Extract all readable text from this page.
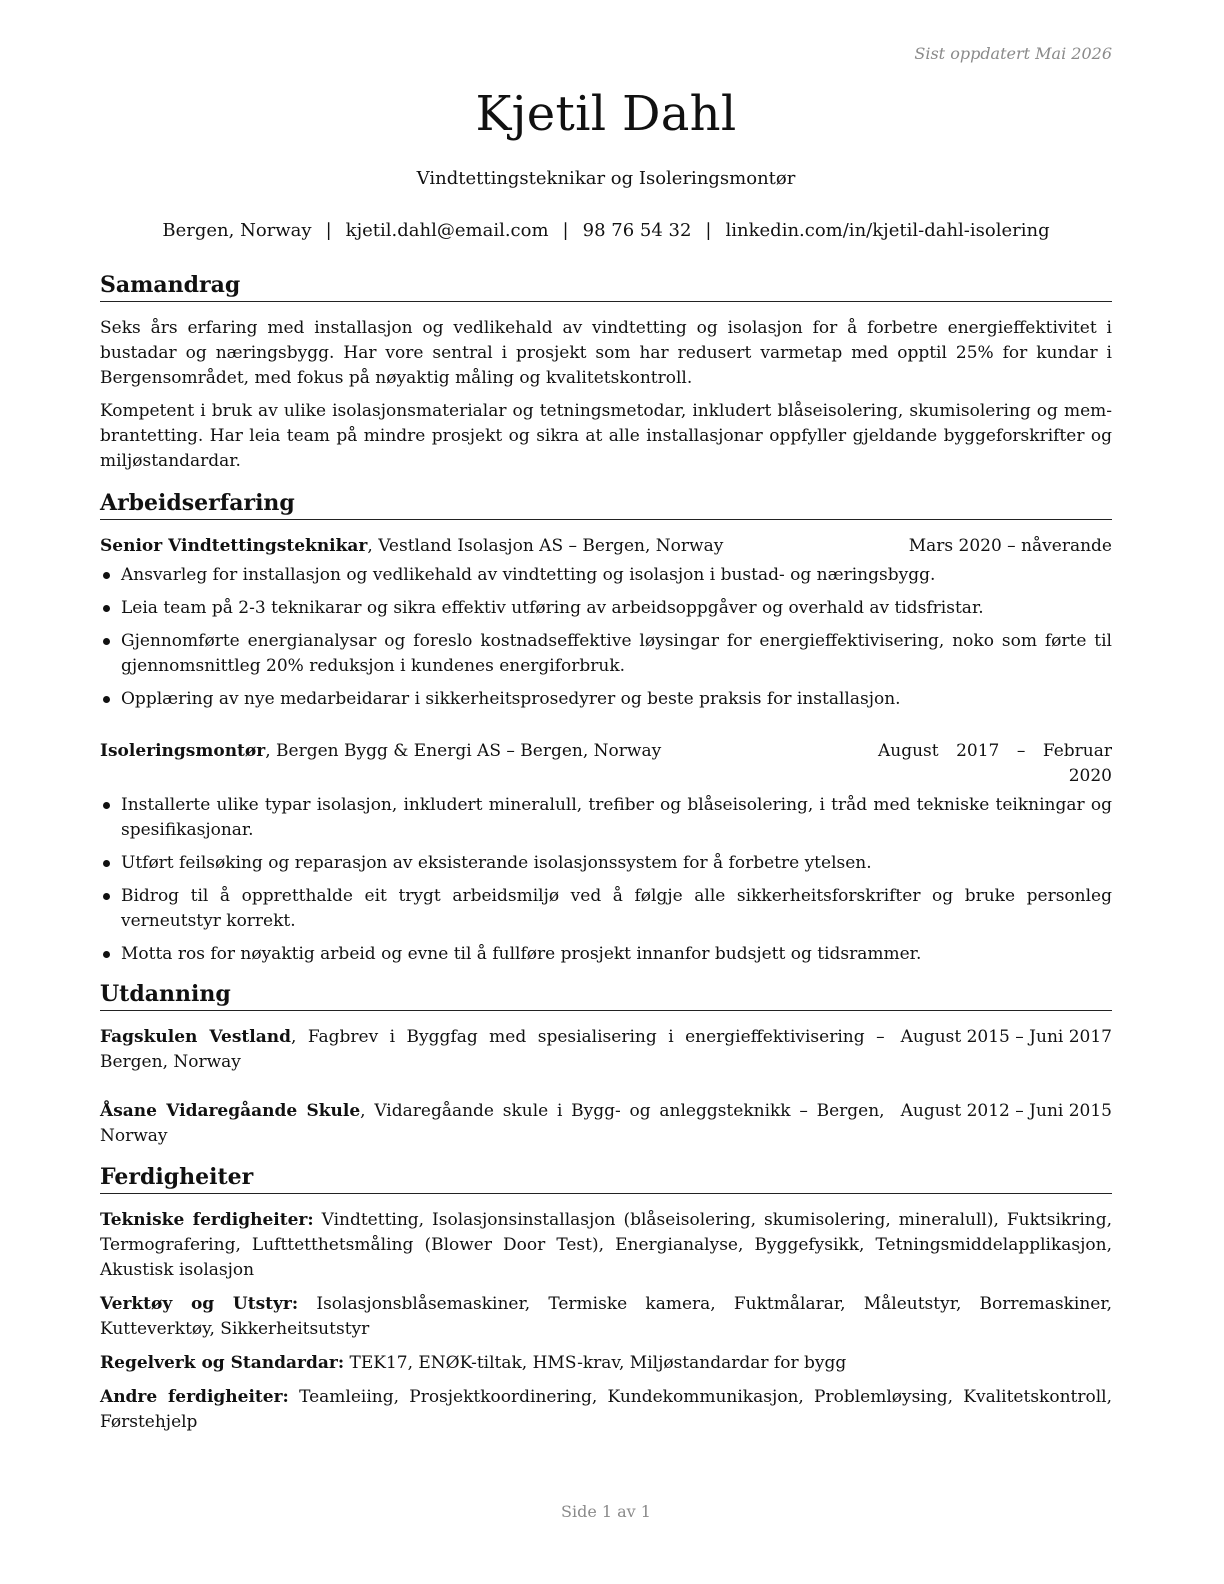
Sist oppdatert Mai 2026
Kjetil Dahl
Vindtettingsteknikar og Isoleringsmontør
Bergen, Norway | kjetil.dahl@email.com | 98 76 54 32 | linkedin.com/in/kjetil-dahl-isolering
Samandrag

Seks års erfaring med installasjon og vedlikehald av vindtetting og isolasjon for å forbetre energieffektivitet i bustadar og næringsbygg. Har vore sentral i prosjekt som har redusert varmetap med opptil 25% for kundar i Bergensområdet, med fokus på nøyaktig måling og kvalitetskontroll.

Kompetent i bruk av ulike isolasjonsmaterialar og tetningsmetodar, inkludert blåseisolering, skumisolering og membrantetting. Har leia team på mindre prosjekt og sikra at alle installasjonar oppfyller gjeldande byggeforskrifter og miljøstandardar.

Arbeidserfaring
Senior Vindtettingsteknikar, Vestland Isolasjon AS – Bergen, Norway	Mars 2020 – nåverande
Ansvarleg for installasjon og vedlikehald av vindtetting og isolasjon i bustad- og næringsbygg.
Leia team på 2-3 teknikarar og sikra effektiv utføring av arbeidsoppgåver og overhald av tidsfristar.
Gjennomførte energianalysar og foreslo kostnadseffektive løysingar for energieffektivisering, noko som førte til gjennomsnittleg 20% reduksjon i kundenes energiforbruk.
Opplæring av nye medarbeidarar i sikkerheitsprosedyrer og beste praksis for installasjon.
Isoleringsmontør, Bergen Bygg & Energi AS – Bergen, Norway	August 2017 – Februar 2020
Installerte ulike typar isolasjon, inkludert mineralull, trefiber og blåseisolering, i tråd med tekniske teikningar og spesifikasjonar.
Utført feilsøking og reparasjon av eksisterande isolasjonssystem for å forbetre ytelsen.
Bidrog til å oppretthalde eit trygt arbeidsmiljø ved å følgje alle sikkerheitsforskrifter og bruke personleg verneutstyr korrekt.
Motta ros for nøyaktig arbeid og evne til å fullføre prosjekt innanfor budsjett og tidsrammer.
Utdanning
Fagskulen Vestland, Fagbrev i Byggfag med spesialisering i energieffektivisering – Bergen, Norway
August 2015 – Juni 2017
Åsane Vidaregåande Skule, Vidaregåande skule i Bygg- og anleggsteknikk – Bergen, Norway
August 2012 – Juni 2015
Ferdigheiter

Tekniske ferdigheiter: Vindtetting, Isolasjonsinstallasjon (blåseisolering, skumisolering, mineralull), Fuktsikring, Termografering, Lufttetthetsmåling (Blower Door Test), Energianalyse, Byggefysikk, Tetningsmiddelapplikasjon, Akustisk isolasjon

Verktøy og Utstyr: Isolasjonsblåsemaskiner, Termiske kamera, Fuktmålarar, Måleutstyr, Borremaskiner, Kutteverktøy, Sikkerheitsutstyr

Regelverk og Standardar: TEK17, ENØK-tiltak, HMS-krav, Miljøstandardar for bygg

Andre ferdigheiter: Teamleiing, Prosjektkoordinering, Kundekommunikasjon, Problemløysing, Kvalitetskontroll, Førstehjelp

Side 1 av 1
